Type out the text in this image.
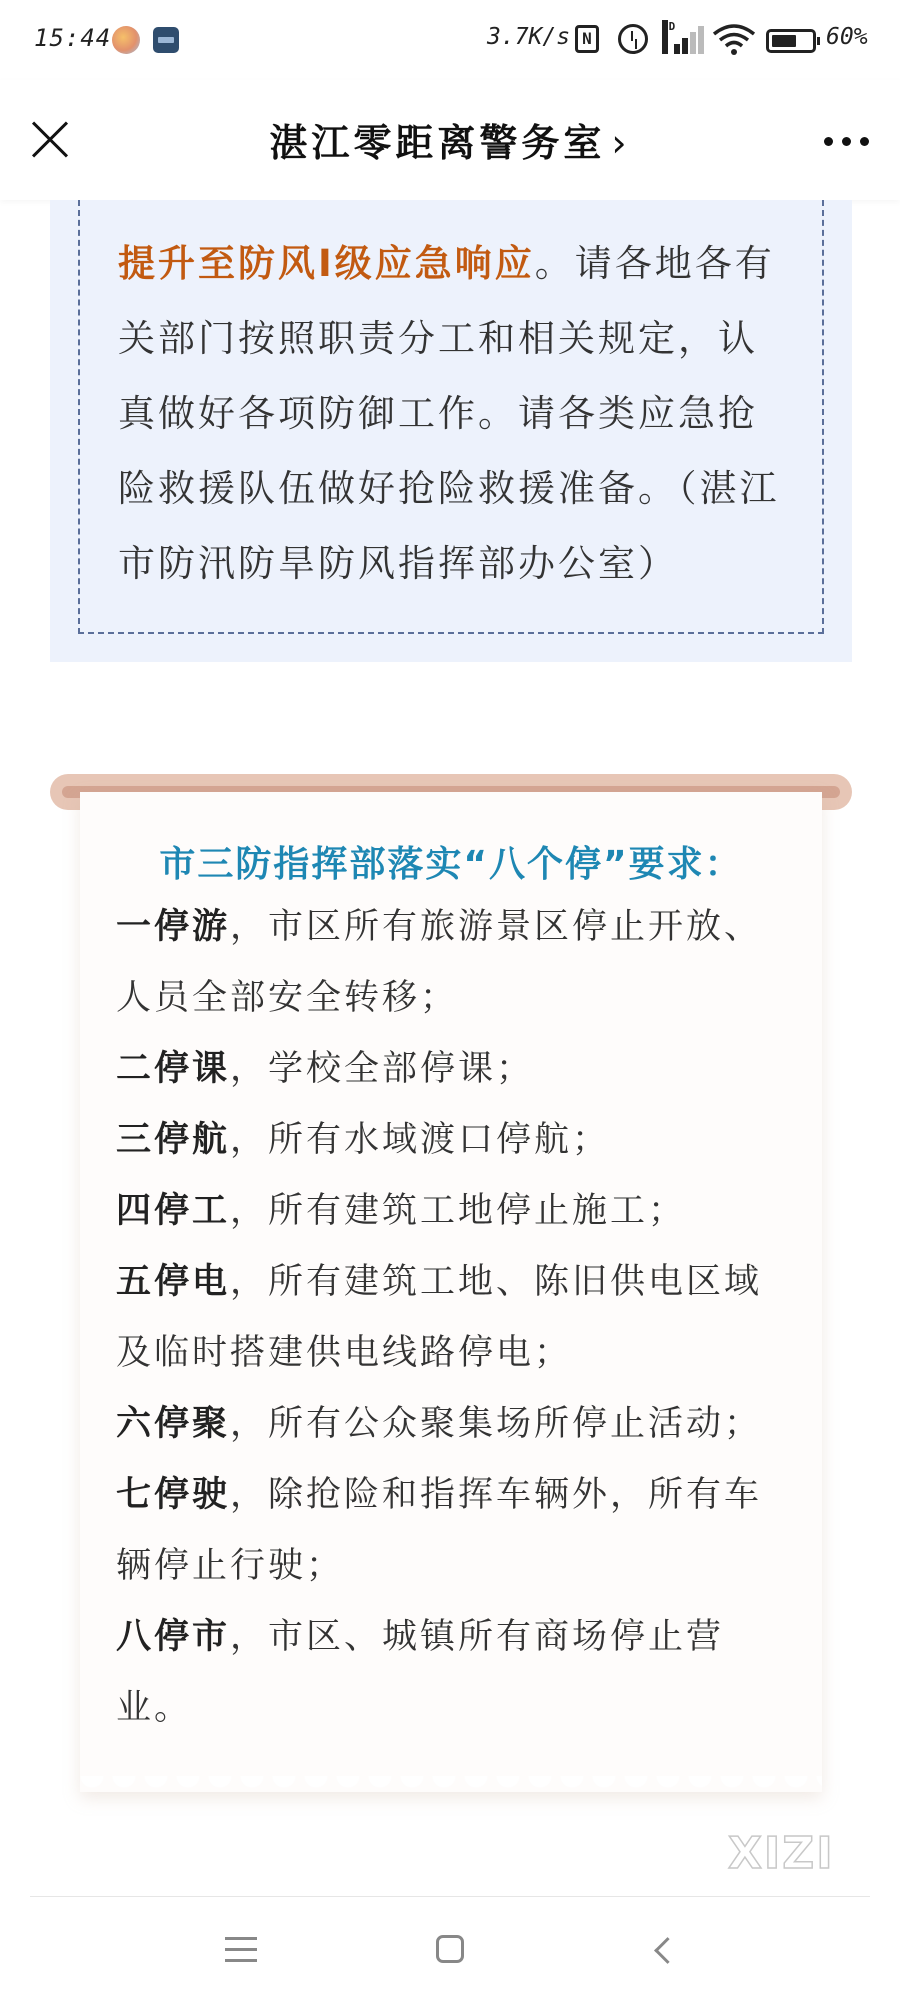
15:44	3.7K/s N
HD	60%
湛江零距离警务室 ›
提升至防风Ⅰ级应急响应。请各地各有关部门按照职责分工和相关规定，认真做好各项防御工作。请各类应急抢险救援队伍做好抢险救援准备。（湛江市防汛防旱防风指挥部办公室）
市三防指挥部落实“八个停”要求：
一停游，市区所有旅游景区停止开放、人员全部安全转移；
二停课，学校全部停课；
三停航，所有水域渡口停航；
四停工，所有建筑工地停止施工；
五停电，所有建筑工地、陈旧供电区域及临时搭建供电线路停电；
六停聚，所有公众聚集场所停止活动；
七停驶，除抢险和指挥车辆外，所有车辆停止行驶；
八停市，市区、城镇所有商场停止营业。
XIZI
